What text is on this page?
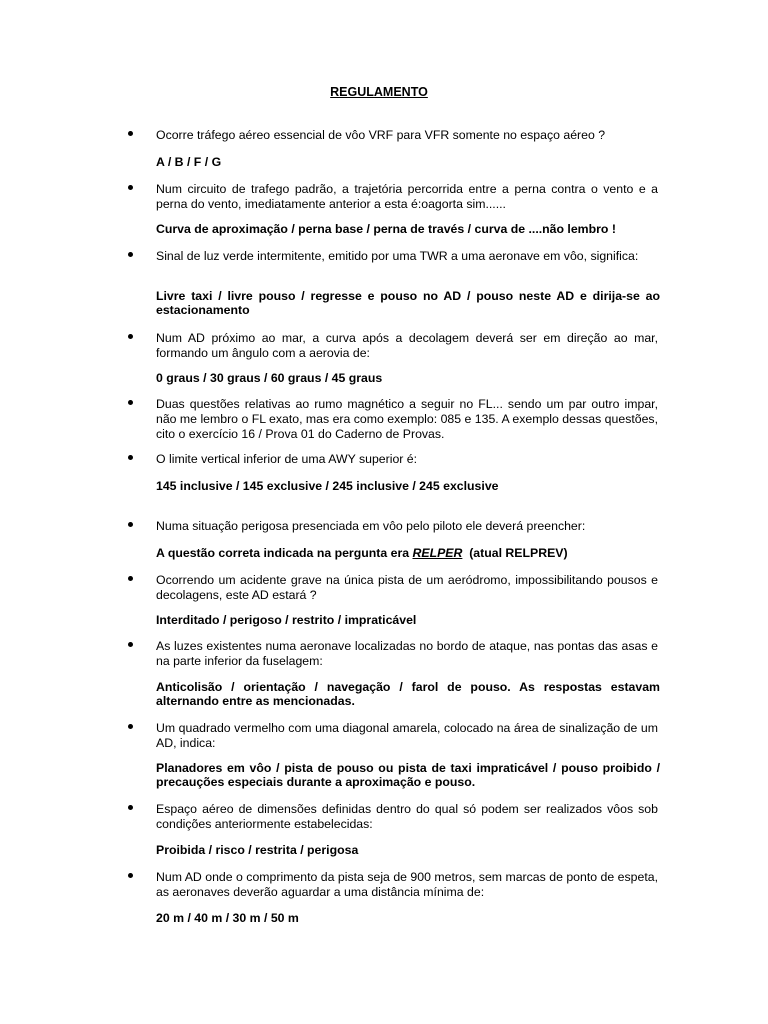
REGULAMENTO
Ocorre tráfego aéreo essencial de vôo VRF para VFR somente no espaço aéreo ?
A / B / F / G
Num circuito de trafego padrão, a trajetória percorrida entre a perna contra o vento e a perna do vento, imediatamente anterior a esta é:oagorta sim......
Curva de aproximação / perna base / perna de través / curva de ....não lembro !
Sinal de luz verde intermitente, emitido por uma TWR a uma aeronave em vôo, significa:
Livre taxi / livre pouso / regresse e pouso no AD / pouso neste AD e dirija-se ao estacionamento
Num AD próximo ao mar, a curva após a decolagem deverá ser em direção ao mar, formando um ângulo com a aerovia de:
0 graus / 30 graus / 60 graus / 45 graus
Duas questões relativas ao rumo magnético a seguir no FL... sendo um par outro impar, não me lembro o FL exato, mas era como exemplo: 085 e 135. A exemplo dessas questões, cito o exercício 16 / Prova 01 do Caderno de Provas.
O limite vertical inferior de uma AWY superior é:
145 inclusive / 145 exclusive / 245 inclusive / 245 exclusive
Numa situação perigosa presenciada em vôo pelo piloto ele deverá preencher:
A questão correta indicada na pergunta era RELPER  (atual RELPREV)
Ocorrendo um acidente grave na única pista de um aeródromo, impossibilitando pousos e decolagens, este AD estará ?
Interditado / perigoso / restrito / impraticável
As luzes existentes numa aeronave localizadas no bordo de ataque, nas pontas das asas e na parte inferior da fuselagem:
Anticolisão / orientação / navegação / farol de pouso. As respostas estavam alternando entre as mencionadas.
Um quadrado vermelho com uma diagonal amarela, colocado na área de sinalização de um AD, indica:
Planadores em vôo / pista de pouso ou pista de taxi impraticável / pouso proibido / precauções especiais durante a aproximação e pouso.
Espaço aéreo de dimensões definidas dentro do qual só podem ser realizados vôos sob condições anteriormente estabelecidas:
Proibida / risco / restrita / perigosa
Num AD onde o comprimento da pista seja de 900 metros, sem marcas de ponto de espeta, as aeronaves deverão aguardar a uma distância mínima de:
20 m / 40 m / 30 m / 50 m
